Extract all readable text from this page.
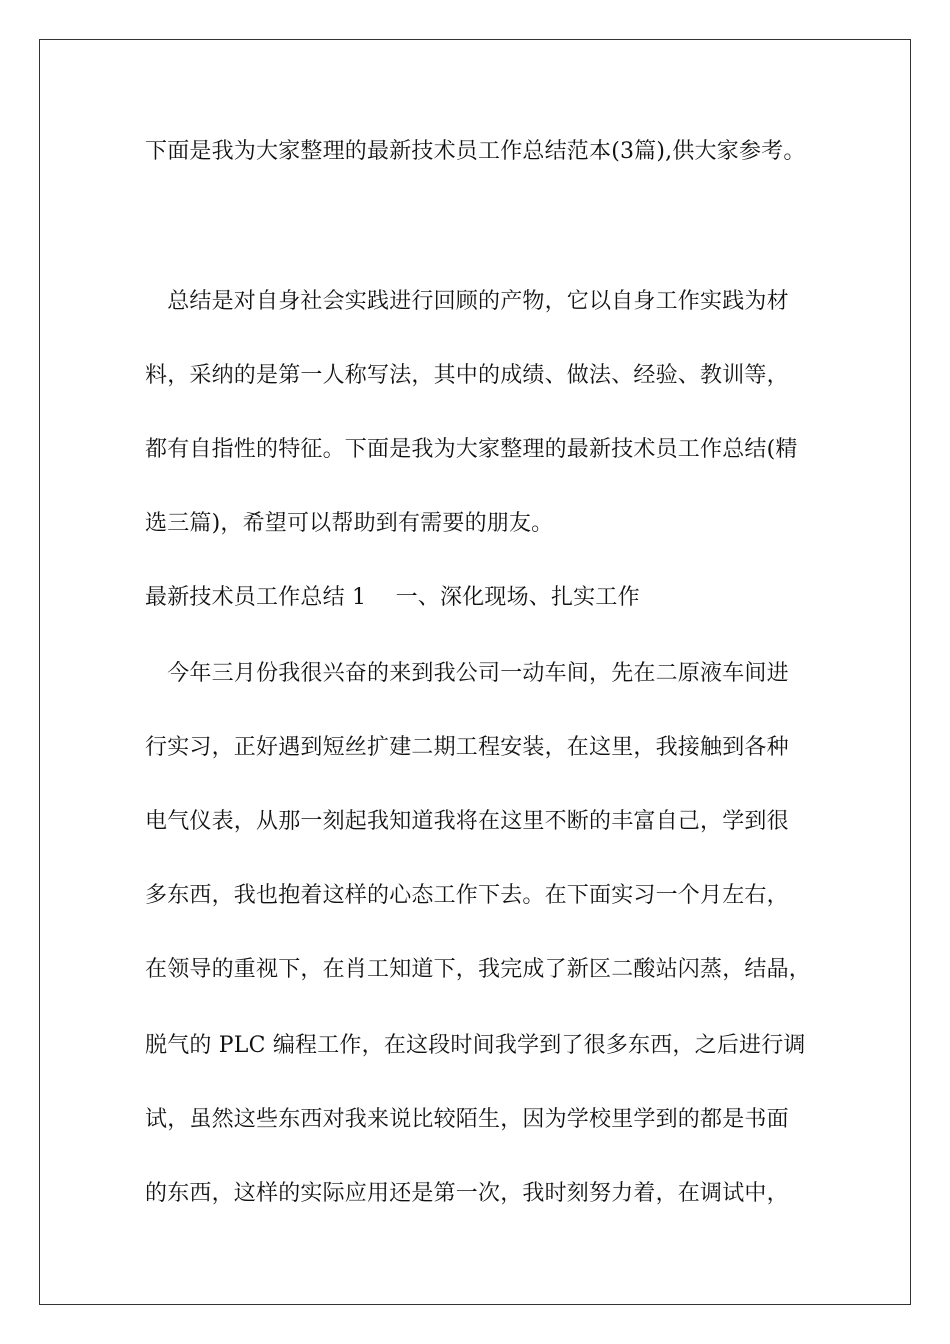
下面是我为大家整理的最新技术员工作总结范本(3篇),供大家参考。
　总结是对自身社会实践进行回顾的产物，它以自身工作实践为材
料，采纳的是第一人称写法，其中的成绩、做法、经验、教训等，
都有自指性的特征。下面是我为大家整理的最新技术员工作总结(精
选三篇)，希望可以帮助到有需要的朋友。
最新技术员工作总结 1　 一、深化现场、扎实工作
　今年三月份我很兴奋的来到我公司一动车间，先在二原液车间进
行实习，正好遇到短丝扩建二期工程安装，在这里，我接触到各种
电气仪表，从那一刻起我知道我将在这里不断的丰富自己，学到很
多东西，我也抱着这样的心态工作下去。在下面实习一个月左右，
在领导的重视下，在肖工知道下，我完成了新区二酸站闪蒸，结晶，
脱气的 PLC 编程工作，在这段时间我学到了很多东西，之后进行调
试，虽然这些东西对我来说比较陌生，因为学校里学到的都是书面
的东西，这样的实际应用还是第一次，我时刻努力着，在调试中，
